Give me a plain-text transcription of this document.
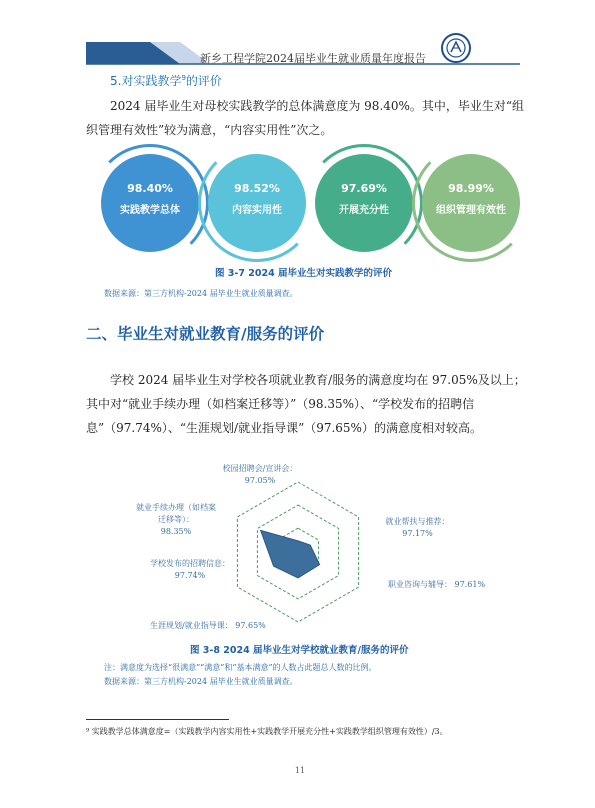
新乡工程学院2024届毕业生就业质量年度报告
5.对实践教学$^9$的评价
2024 届毕业生对母校实践教学的总体满意度为 98.40%。其中，毕业生对“组织管理有效性”较为满意，“内容实用性”次之。
98.40%
实践教学总体
98.52%
内容实用性
97.69%
开展充分性
98.99%
组织管理有效性
图 3-7 2024 届毕业生对实践教学的评价
数据来源：第三方机构-2024 届毕业生就业质量调查。
二、毕业生对就业教育/服务的评价
学校 2024 届毕业生对学校各项就业教育/服务的满意度均在 97.05%及以上；其中对“就业手续办理（如档案迁移等）”（98.35%）、“学校发布的招聘信息”（97.74%）、“生涯规划/就业指导课”（97.65%）的满意度相对较高。
校园招聘会/宣讲会：
97.05%
就业帮扶与推荐：
97.17%
职业咨询与辅导： 97.61%
生涯规划/就业指导课： 97.65%
学校发布的招聘信息：
97.74%
就业手续办理（如档案迁移等）：
98.35%
图 3-8 2024 届毕业生对学校就业教育/服务的评价
注：满意度为选择“很满意”“满意”和“基本满意”的人数占此题总人数的比例。
数据来源：第三方机构-2024 届毕业生就业质量调查。
⁹ 实践教学总体满意度=（实践教学内容实用性+实践教学开展充分性+实践教学组织管理有效性）/3。
11
